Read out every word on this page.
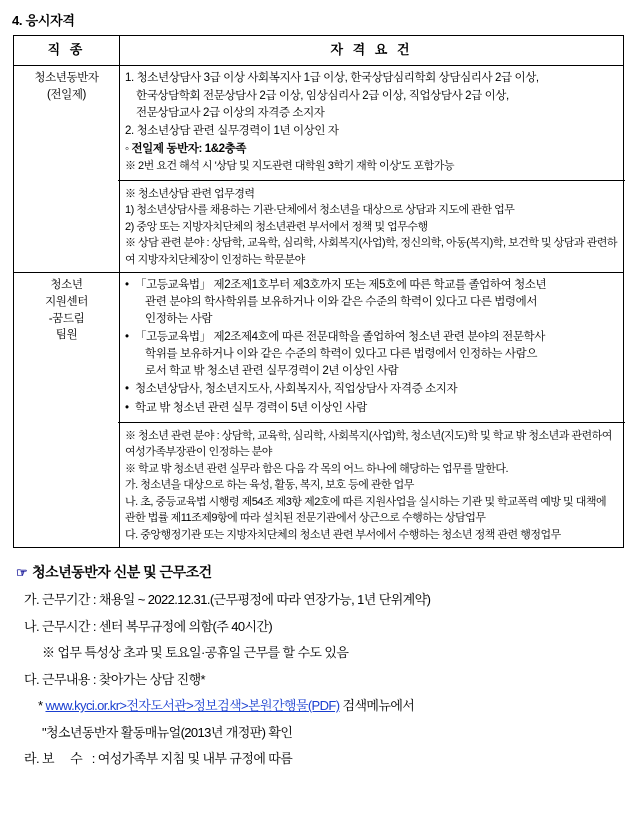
4. 응시자격
직 종	자 격 요 건

청소년동반자
(전일제)

1. 청소년상담사 3급 이상 사회복지사 1급 이상, 한국상담심리학회 상담심리사 2급 이상,
한국상담학회 전문상담사 2급 이상, 임상심리사 2급 이상, 직업상담사 2급 이상,
전문상담교사 2급 이상의 자격증 소지자
2. 청소년상담 관련 실무경력이 1년 이상인 자
◦ 전일제 동반자: 1&2충족
※ 2번 요건 해석 시 '상담 및 지도관련 대학원 3학기 재학 이상'도 포함가능
※ 청소년상담 관련 업무경력
1) 청소년상담사를 채용하는 기관·단체에서 청소년을 대상으로 상담과 지도에 관한 업무
2) 중앙 또는 지방자치단체의 청소년관련 부서에서 정책 및 업무수행
※ 상담 관련 분야 : 상담학, 교육학, 심리학, 사회복지(사업)학, 정신의학, 아동(복지)학, 보건학 및 상담과 관련하여 지방자치단체장이 인정하는 학문분야

청소년
지원센터
-꿈드림
팀원

• 「고등교육법」 제2조제1호부터 제3호까지 또는 제5호에 따른 학교를 졸업하여 청소년
관련 분야의 학사학위를 보유하거나 이와 같은 수준의 학력이 있다고 다른 법령에서
인정하는 사람
• 「고등교육법」 제2조제4호에 따른 전문대학을 졸업하여 청소년 관련 분야의 전문학사
학위를 보유하거나 이와 같은 수준의 학력이 있다고 다른 법령에서 인정하는 사람으
로서 학교 밖 청소년 관련 실무경력이 2년 이상인 사람
• 청소년상담사, 청소년지도사, 사회복지사, 직업상담사 자격증 소지자
• 학교 밖 청소년 관련 실무 경력이 5년 이상인 사람
※ 청소년 관련 분야 : 상담학, 교육학, 심리학, 사회복지(사업)학, 청소년(지도)학 및 학교 밖 청소년과 관련하여 여성가족부장관이 인정하는 분야
※ 학교 밖 청소년 관련 실무라 함은 다음 각 목의 어느 하나에 해당하는 업무를 말한다.
가. 청소년을 대상으로 하는 육성, 활동, 복지, 보호 등에 관한 업무
나. 초, 중등교육법 시행령 제54조 제3항 제2호에 따른 지원사업을 실시하는 기관 및 학교폭력 예방 및 대책에 관한 법률 제11조제9항에 따라 설치된 전문기관에서 상근으로 수행하는 상담업무
다. 중앙행정기관 또는 지방자치단체의 청소년 관련 부서에서 수행하는 청소년 정책 관련 행정업무
☞ 청소년동반자 신분 및 근무조건
가. 근무기간 : 채용일 ~ 2022.12.31.(근무평정에 따라 연장가능, 1년 단위계약)
나. 근무시간 : 센터 복무규정에 의함(주 40시간)
※ 업무 특성상 초과 및 토요일·공휴일 근무를 할 수도 있음
다. 근무내용 : 찾아가는 상담 진행*
* www.kyci.or.kr>전자도서관>정보검색>본원간행물(PDF) 검색메뉴에서
"청소년동반자 활동매뉴얼(2013년 개정판) 확인
라. 보 수 : 여성가족부 지침 및 내부 규정에 따름
